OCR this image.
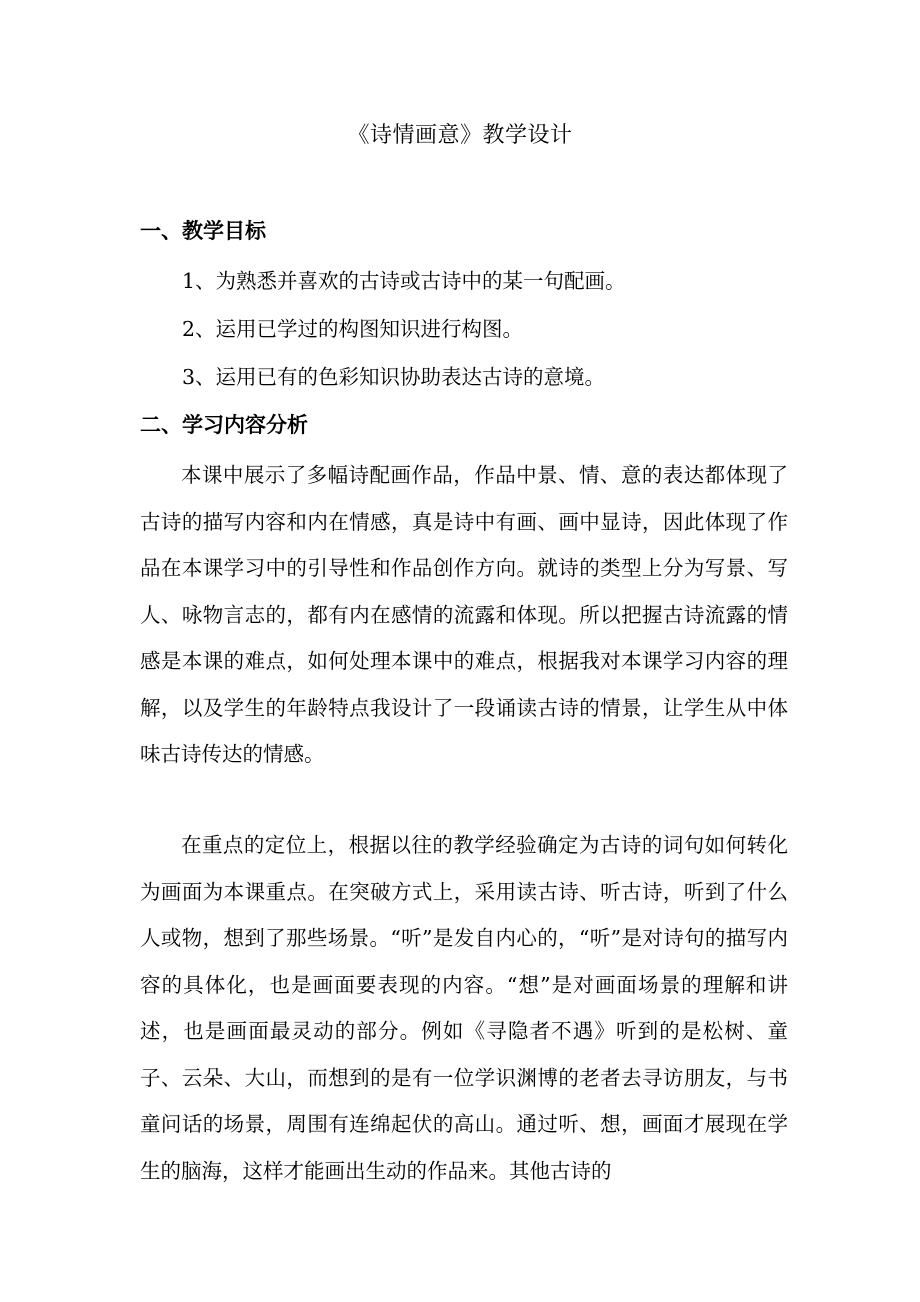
《诗情画意》教学设计
一、教学目标
1、为熟悉并喜欢的古诗或古诗中的某一句配画。
2、运用已学过的构图知识进行构图。
3、运用已有的色彩知识协助表达古诗的意境。
二、学习内容分析

本课中展示了多幅诗配画作品，作品中景、情、意的表达都体现了古诗的描写内容和内在情感，真是诗中有画、画中显诗，因此体现了作品在本课学习中的引导性和作品创作方向。就诗的类型上分为写景、写人、咏物言志的，都有内在感情的流露和体现。所以把握古诗流露的情感是本课的难点，如何处理本课中的难点，根据我对本课学习内容的理解，以及学生的年龄特点我设计了一段诵读古诗的情景，让学生从中体味古诗传达的情感。

在重点的定位上，根据以往的教学经验确定为古诗的词句如何转化为画面为本课重点。在突破方式上，采用读古诗、听古诗，听到了什么人或物，想到了那些场景。“听”是发自内心的，“听”是对诗句的描写内容的具体化，也是画面要表现的内容。“想”是对画面场景的理解和讲述，也是画面最灵动的部分。例如《寻隐者不遇》听到的是松树、童子、云朵、大山，而想到的是有一位学识渊博的老者去寻访朋友，与书童问话的场景，周围有连绵起伏的高山。通过听、想，画面才展现在学生的脑海，这样才能画出生动的作品来。其他古诗的
